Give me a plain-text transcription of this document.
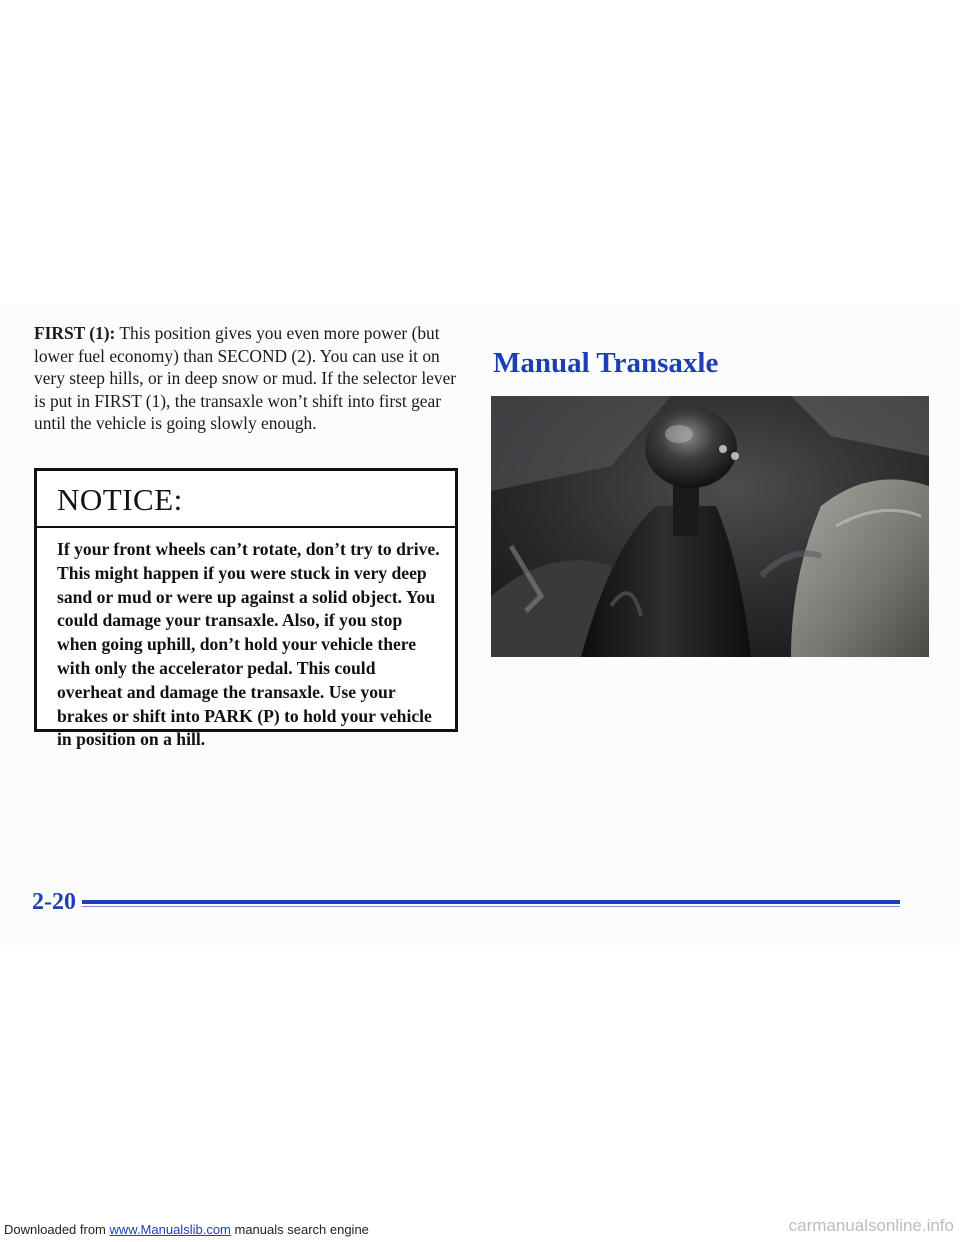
FIRST (1): This position gives you even more power (but lower fuel economy) than SECOND (2). You can use it on very steep hills, or in deep snow or mud. If the selector lever is put in FIRST (1), the transaxle won’t shift into first gear until the vehicle is going slowly enough.

NOTICE:

If your front wheels can’t rotate, don’t try to drive. This might happen if you were stuck in very deep sand or mud or were up against a solid object. You could damage your transaxle. Also, if you stop when going uphill, don’t hold your vehicle there with only the accelerator pedal. This could overheat and damage the transaxle. Use your brakes or shift into PARK (P) to hold your vehicle in position on a hill.

Manual Transaxle

2-20

Downloaded from www.Manualslib.com manuals search engine	carmanualsonline.info
